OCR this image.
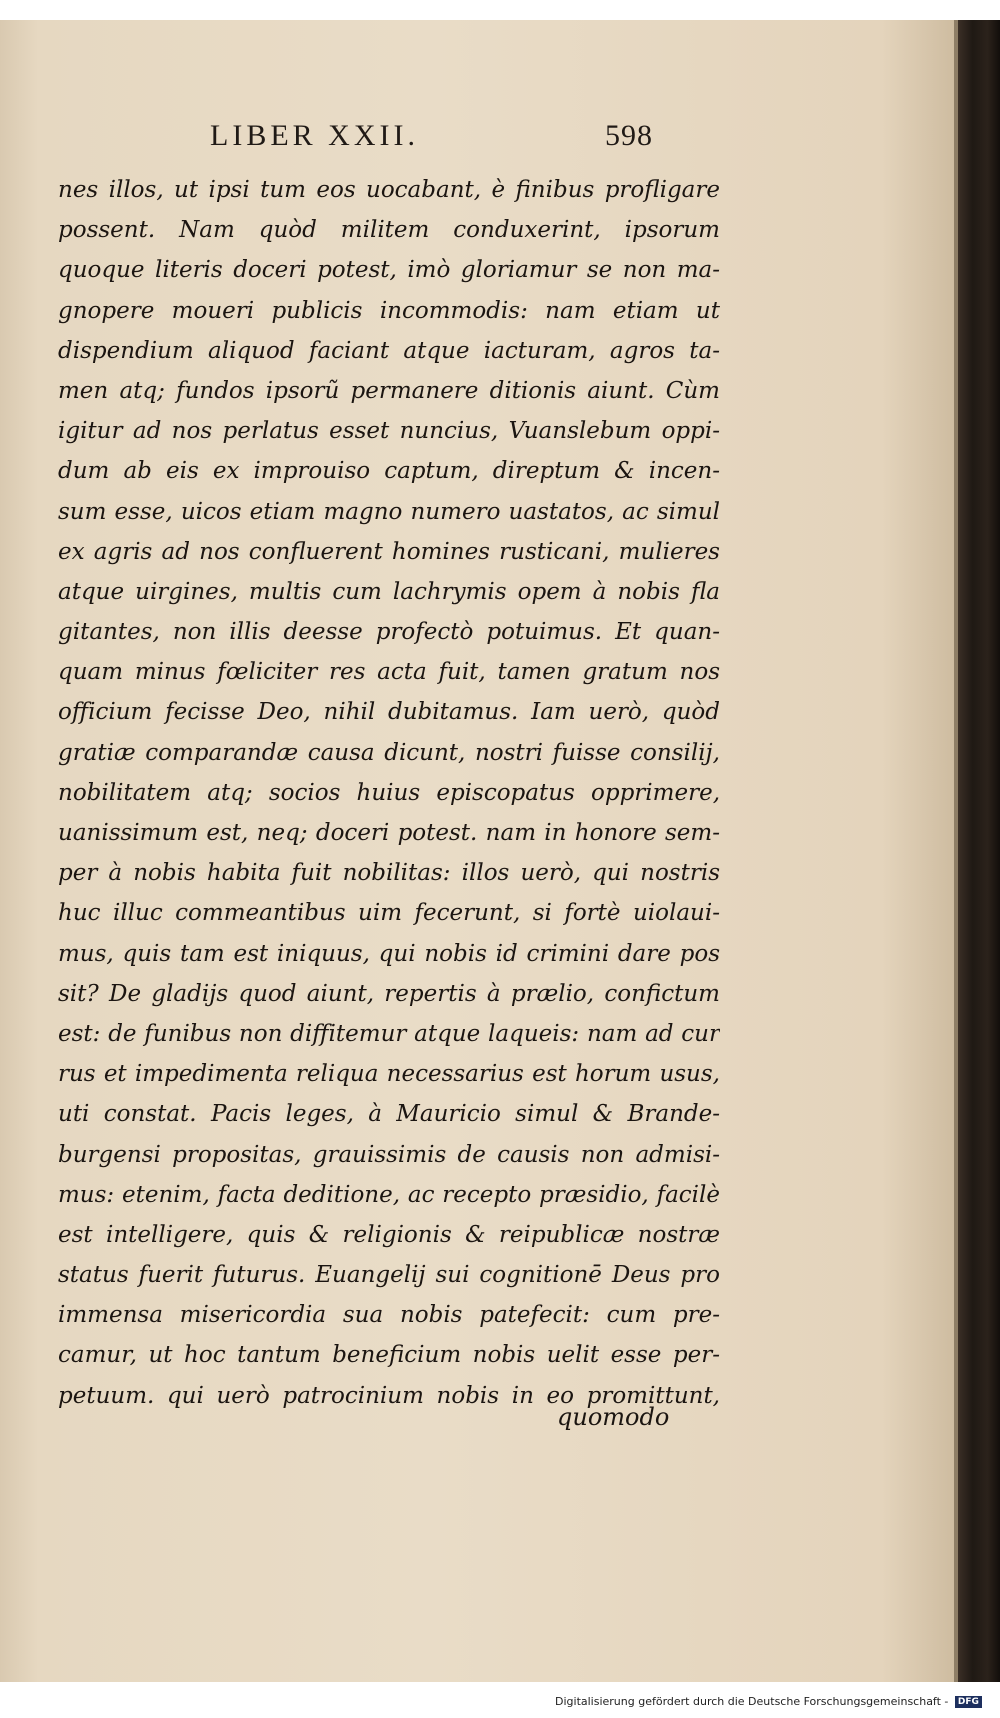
LIBER XXII.	598
nes illos, ut ipsi tum eos uocabant, è finibus profligare
possent. Nam quòd militem conduxerint, ipsorum
quoque literis doceri potest, imò gloriamur se non ma-
gnopere moueri publicis incommodis: nam etiam ut
dispendium aliquod faciant atque iacturam, agros ta-
men atq; fundos ipsorũ permanere ditionis aiunt. Cùm
igitur ad nos perlatus esset nuncius, Vuanslebum oppi-
dum ab eis ex improuiso captum, direptum & incen-
sum esse, uicos etiam magno numero uastatos, ac simul
ex agris ad nos confluerent homines rusticani, mulieres
atque uirgines, multis cum lachrymis opem à nobis fla
gitantes, non illis deesse profectò potuimus. Et quan-
quam minus fœliciter res acta fuit, tamen gratum nos
officium fecisse Deo, nihil dubitamus. Iam uerò, quòd
gratiæ comparandæ causa dicunt, nostri fuisse consilij,
nobilitatem atq; socios huius episcopatus opprimere,
uanissimum est, neq; doceri potest. nam in honore sem-
per à nobis habita fuit nobilitas: illos uerò, qui nostris
huc illuc commeantibus uim fecerunt, si fortè uiolaui-
mus, quis tam est iniquus, qui nobis id crimini dare pos
sit? De gladijs quod aiunt, repertis à prælio, confictum
est: de funibus non diffitemur atque laqueis: nam ad cur
rus et impedimenta reliqua necessarius est horum usus,
uti constat. Pacis leges, à Mauricio simul & Brande-
burgensi propositas, grauissimis de causis non admisi-
mus: etenim, facta deditione, ac recepto præsidio, facilè
est intelligere, quis & religionis & reipublicæ nostræ
status fuerit futurus. Euangelij sui cognitionē Deus pro
immensa misericordia sua nobis patefecit: cum pre-
camur, ut hoc tantum beneficium nobis uelit esse per-
petuum. qui uerò patrocinium nobis in eo promittunt,
quomodo
Digitalisierung gefördert durch die Deutsche Forschungsgemeinschaft - DFG
